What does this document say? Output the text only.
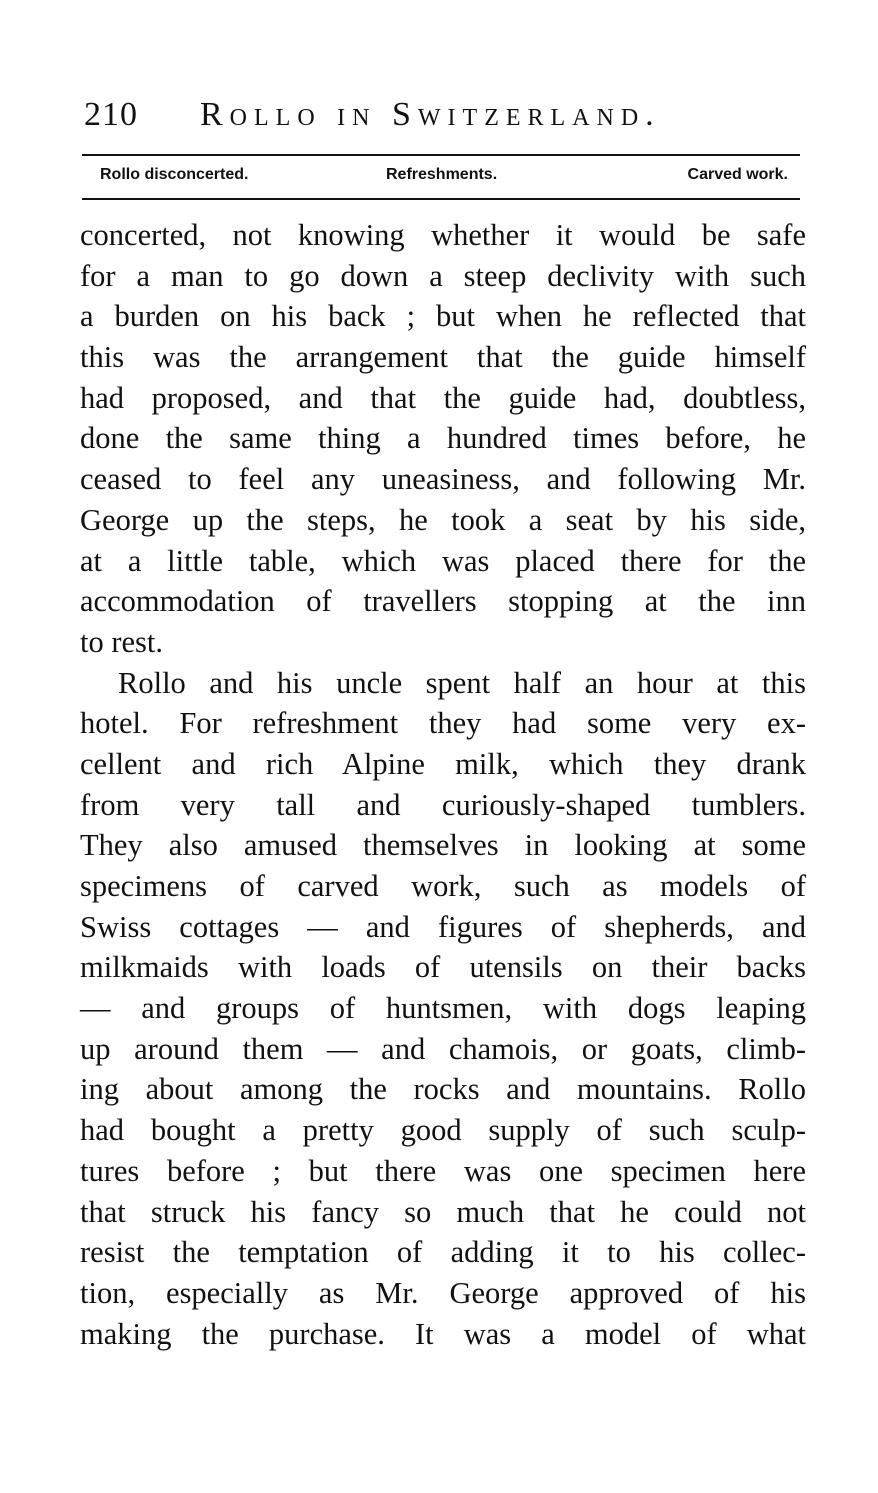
210 Rollo in Switzerland.
Rollo disconcerted.	Refreshments.	Carved work.
concerted, not knowing whether it would be safe
for a man to go down a steep declivity with such
a burden on his back ; but when he reflected that
this was the arrangement that the guide himself
had proposed, and that the guide had, doubtless,
done the same thing a hundred times before, he
ceased to feel any uneasiness, and following Mr.
George up the steps, he took a seat by his side,
at a little table, which was placed there for the
accommodation of travellers stopping at the inn
to rest.
Rollo and his uncle spent half an hour at this
hotel. For refreshment they had some very ex-
cellent and rich Alpine milk, which they drank
from very tall and curiously-shaped tumblers.
They also amused themselves in looking at some
specimens of carved work, such as models of
Swiss cottages — and figures of shepherds, and
milkmaids with loads of utensils on their backs
— and groups of huntsmen, with dogs leaping
up around them — and chamois, or goats, climb-
ing about among the rocks and mountains. Rollo
had bought a pretty good supply of such sculp-
tures before ; but there was one specimen here
that struck his fancy so much that he could not
resist the temptation of adding it to his collec-
tion, especially as Mr. George approved of his
making the purchase. It was a model of what
